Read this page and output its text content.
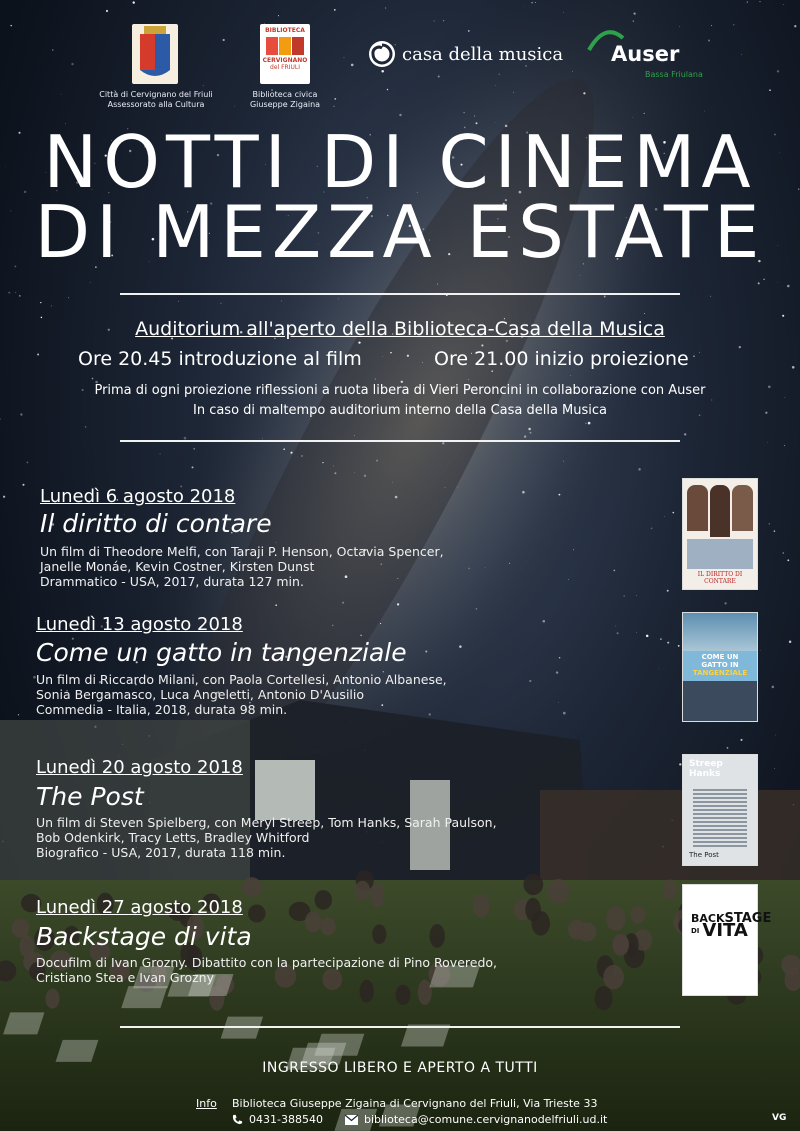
Città di Cervignano del Friuli
Assessorato alla Cultura
BIBLIOTECA
CERVIGNANO
del FRIULI
Biblioteca civica
Giuseppe Zigaina
casa della musica Auser
Bassa Friulana
NOTTI DI CINEMA
DI MEZZA ESTATE
Auditorium all'aperto della Biblioteca-Casa della Musica
Ore 20.45 introduzione al film	Ore 21.00 inizio proiezione
Prima di ogni proiezione riflessioni a ruota libera di Vieri Peroncini in collaborazione con Auser
In caso di maltempo auditorium interno della Casa della Musica
Lunedì 6 agosto 2018
Il diritto di contare
Un film di Theodore Melfi, con Taraji P. Henson, Octavia Spencer,
Janelle Monáe, Kevin Costner, Kirsten Dunst
Drammatico - USA, 2017, durata 127 min.	IL DIRITTO DI CONTARE
Lunedì 13 agosto 2018
Come un gatto in tangenziale
Un film di Riccardo Milani, con Paola Cortellesi, Antonio Albanese,
Sonia Bergamasco, Luca Angeletti, Antonio D'Ausilio
Commedia - Italia, 2018, durata 98 min.
COME UN
GATTO IN
TANGENZIALE
Lunedì 20 agosto 2018
The Post
Un film di Steven Spielberg, con Meryl Streep, Tom Hanks, Sarah Paulson,
Bob Odenkirk, Tracy Letts, Bradley Whitford
Biografico - USA, 2017, durata 118 min.
Streep
Hanks
The Post
Lunedì 27 agosto 2018
Backstage di vita
Docufilm di Ivan Grozny. Dibattito con la partecipazione di Pino Roveredo,
Cristiano Stea e Ivan Grozny
BACKSTAGE
DI VITA
INGRESSO LIBERO E APERTO A TUTTI
Info Biblioteca Giuseppe Zigaina di Cervignano del Friuli, Via Trieste 33
0431-388540	biblioteca@comune.cervignanodelfriuli.ud.it	VG
